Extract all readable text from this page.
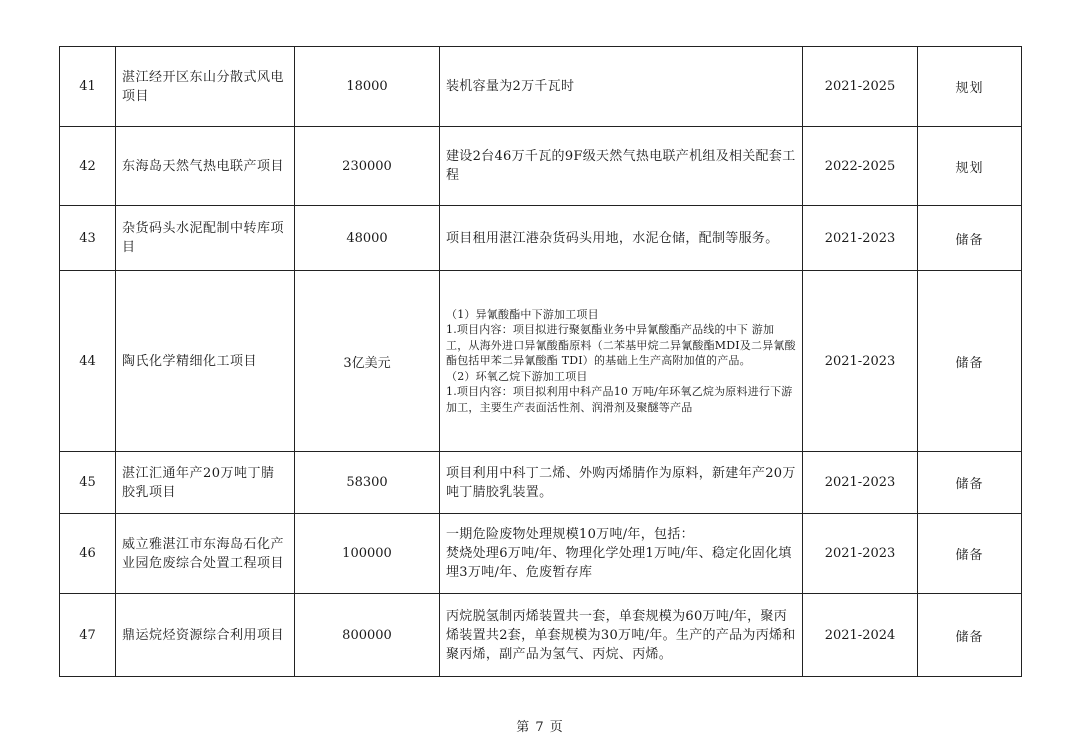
41	湛江经开区东山分散式风电项目	18000	装机容量为2万千瓦时	2021-2025	规划
42	东海岛天然气热电联产项目	230000	建设2台46万千瓦的9F级天然气热电联产机组及相关配套工程	2022-2025	规划
43	杂货码头水泥配制中转库项目	48000	项目租用湛江港杂货码头用地，水泥仓储，配制等服务。	2021-2023	储备
44	陶氏化学精细化工项目	3亿美元	（1）异氰酸酯中下游加工项目
1.项目内容：项目拟进行聚氨酯业务中异氰酸酯产品线的中下 游加工，从海外进口异氰酸酯原料（二苯基甲烷二异氰酸酯MDI及二异氰酸酯包括甲苯二异氰酸酯 TDI）的基础上生产高附加值的产品。
（2）环氧乙烷下游加工项目
1.项目内容：项目拟利用中科产品10 万吨/年环氧乙烷为原料进行下游加工，主要生产表面活性剂、润滑剂及聚醚等产品	2021-2023	储备
45	湛江汇通年产20万吨丁腈胶乳项目	58300	项目利用中科丁二烯、外购丙烯腈作为原料，新建年产20万吨丁腈胶乳装置。	2021-2023	储备
46	威立雅湛江市东海岛石化产业园危废综合处置工程项目	100000	一期危险废物处理规模10万吨/年，包括：
焚烧处理6万吨/年、物理化学处理1万吨/年、稳定化固化填埋3万吨/年、危废暂存库	2021-2023	储备
47	鼎运烷烃资源综合利用项目	800000	丙烷脱氢制丙烯装置共一套，单套规模为60万吨/年，聚丙烯装置共2套，单套规模为30万吨/年。生产的产品为丙烯和聚丙烯，副产品为氢气、丙烷、丙烯。	2021-2024	储备
第 7 页
